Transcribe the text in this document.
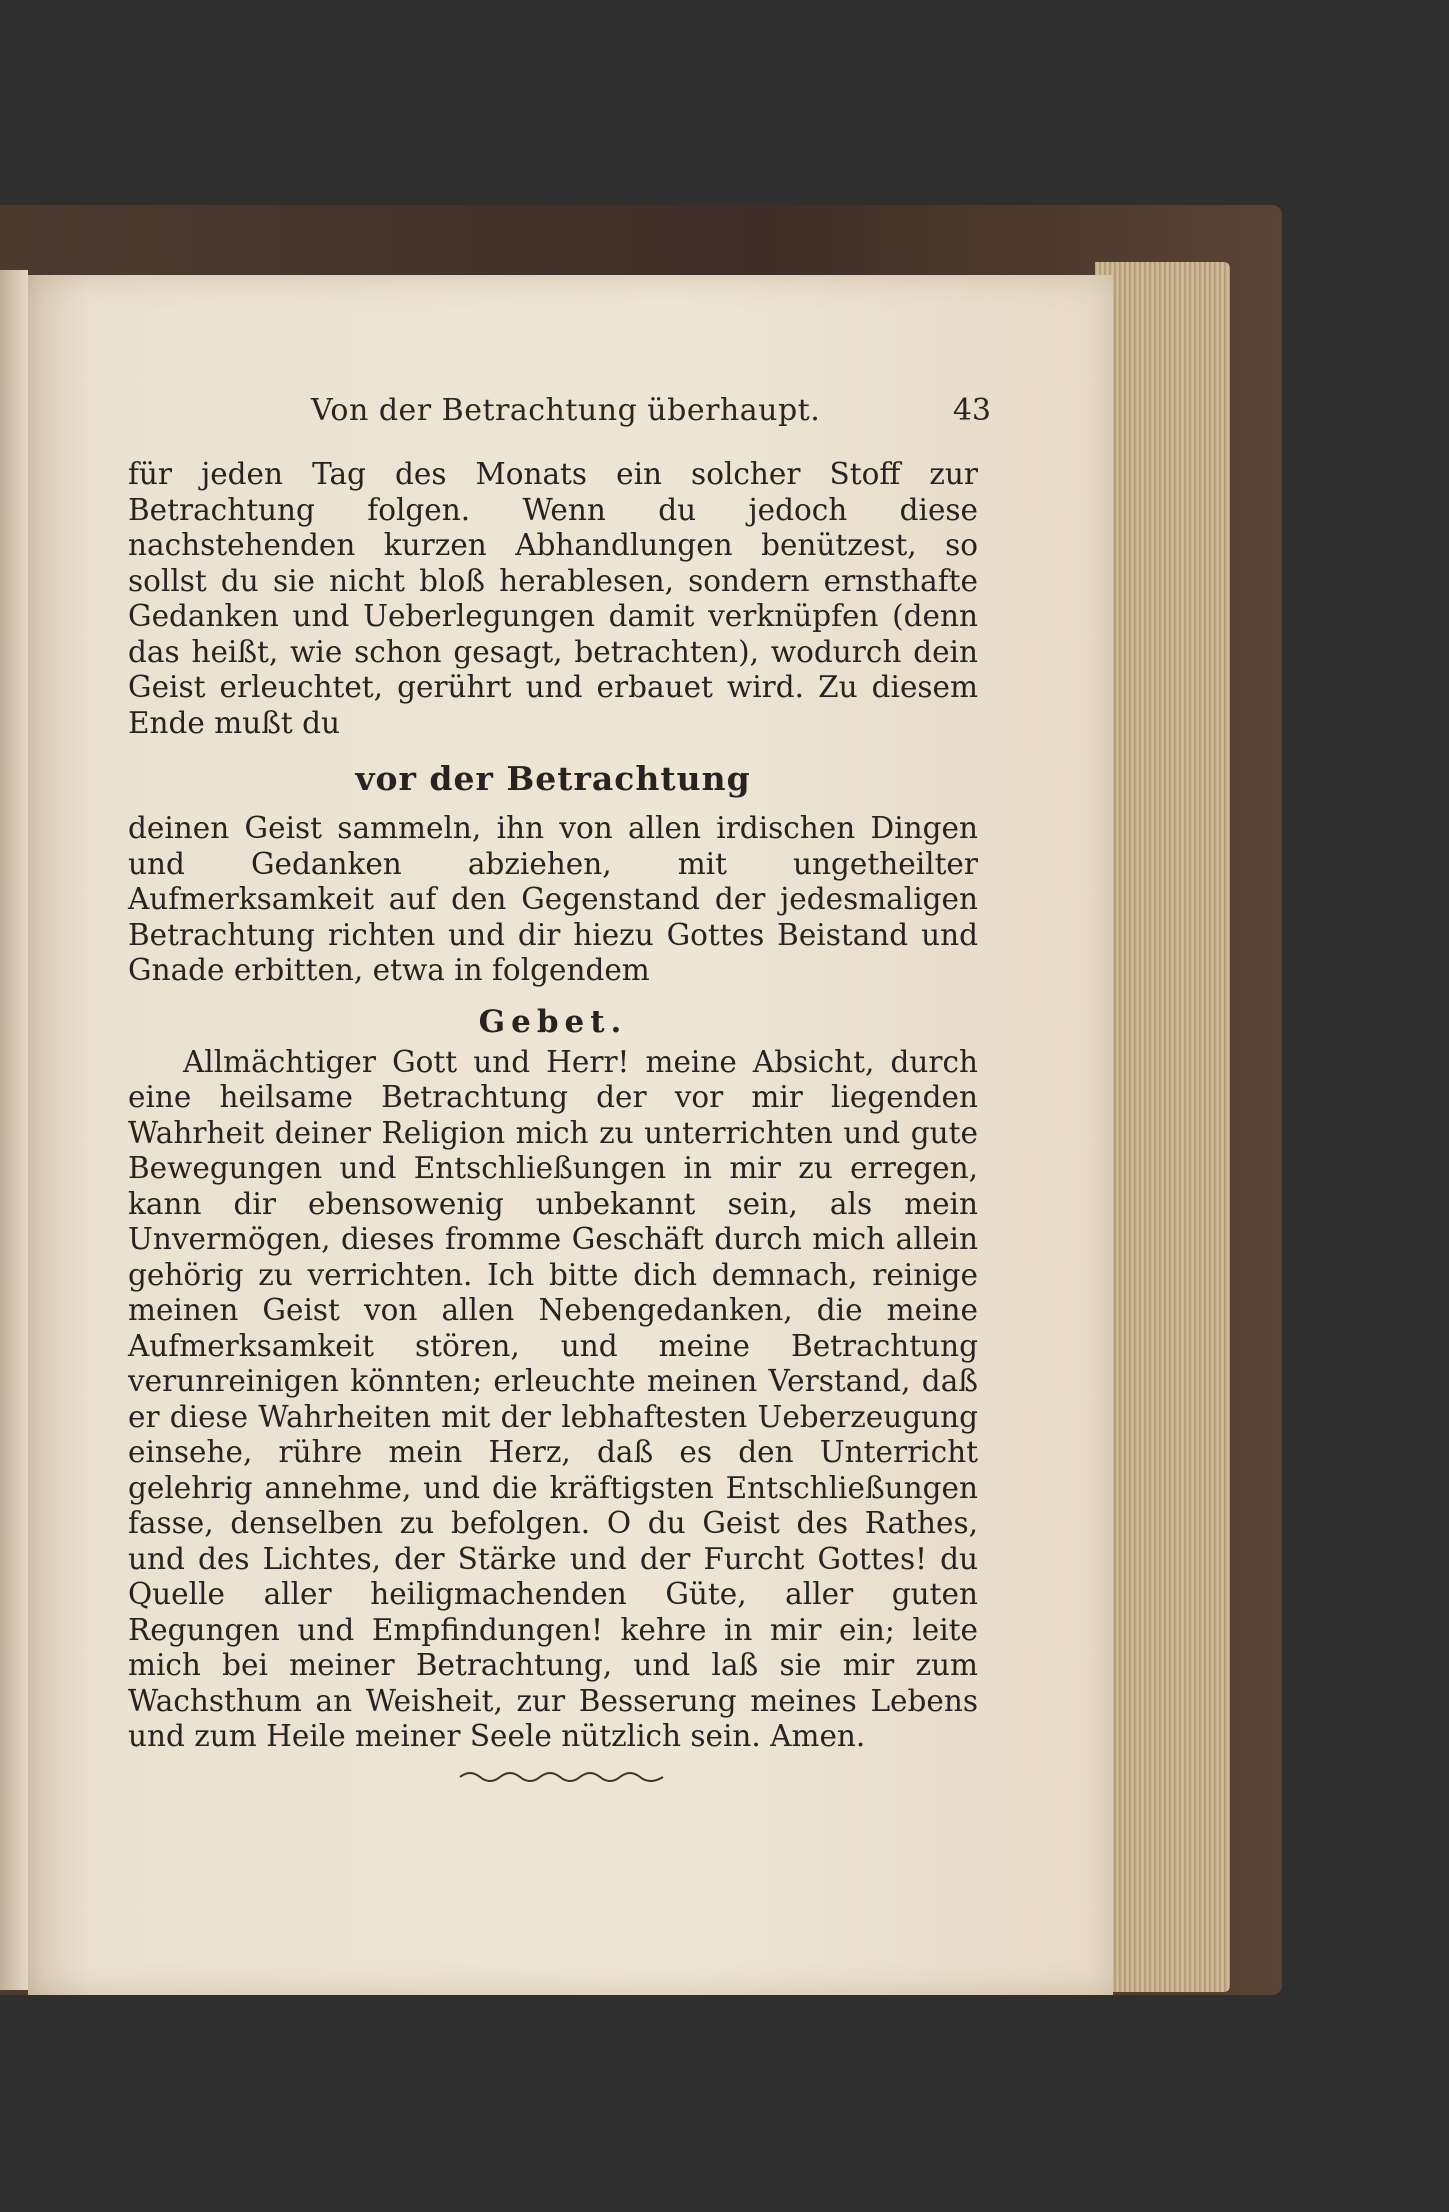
Von der Betrachtung überhaupt.	43

für jeden Tag des Monats ein solcher Stoff zur Betrachtung folgen. Wenn du jedoch diese nachstehenden kurzen Abhandlungen benützest, so sollst du sie nicht bloß herablesen, sondern ernsthafte Gedanken und Ueberlegungen damit verknüpfen (denn das heißt, wie schon gesagt, betrachten), wodurch dein Geist erleuchtet, gerührt und erbauet wird. Zu diesem Ende mußt du

vor der Betrachtung

deinen Geist sammeln, ihn von allen irdischen Dingen und Gedanken abziehen, mit ungetheilter Aufmerksamkeit auf den Gegenstand der jedesmaligen Betrachtung richten und dir hiezu Gottes Beistand und Gnade erbitten, etwa in folgendem

Gebet.

Allmächtiger Gott und Herr! meine Absicht, durch eine heilsame Betrachtung der vor mir liegenden Wahrheit deiner Religion mich zu unterrichten und gute Bewegungen und Entschließungen in mir zu erregen, kann dir ebensowenig unbekannt sein, als mein Unvermögen, dieses fromme Geschäft durch mich allein gehörig zu verrichten. Ich bitte dich demnach, reinige meinen Geist von allen Nebengedanken, die meine Aufmerksamkeit stören, und meine Betrachtung verunreinigen könnten; erleuchte meinen Verstand, daß er diese Wahrheiten mit der lebhaftesten Ueberzeugung einsehe, rühre mein Herz, daß es den Unterricht gelehrig annehme, und die kräftigsten Entschließungen fasse, denselben zu befolgen. O du Geist des Rathes, und des Lichtes, der Stärke und der Furcht Gottes! du Quelle aller heiligmachenden Güte, aller guten Regungen und Empfindungen! kehre in mir ein; leite mich bei meiner Betrachtung, und laß sie mir zum Wachsthum an Weisheit, zur Besserung meines Lebens und zum Heile meiner Seele nützlich sein. Amen.
